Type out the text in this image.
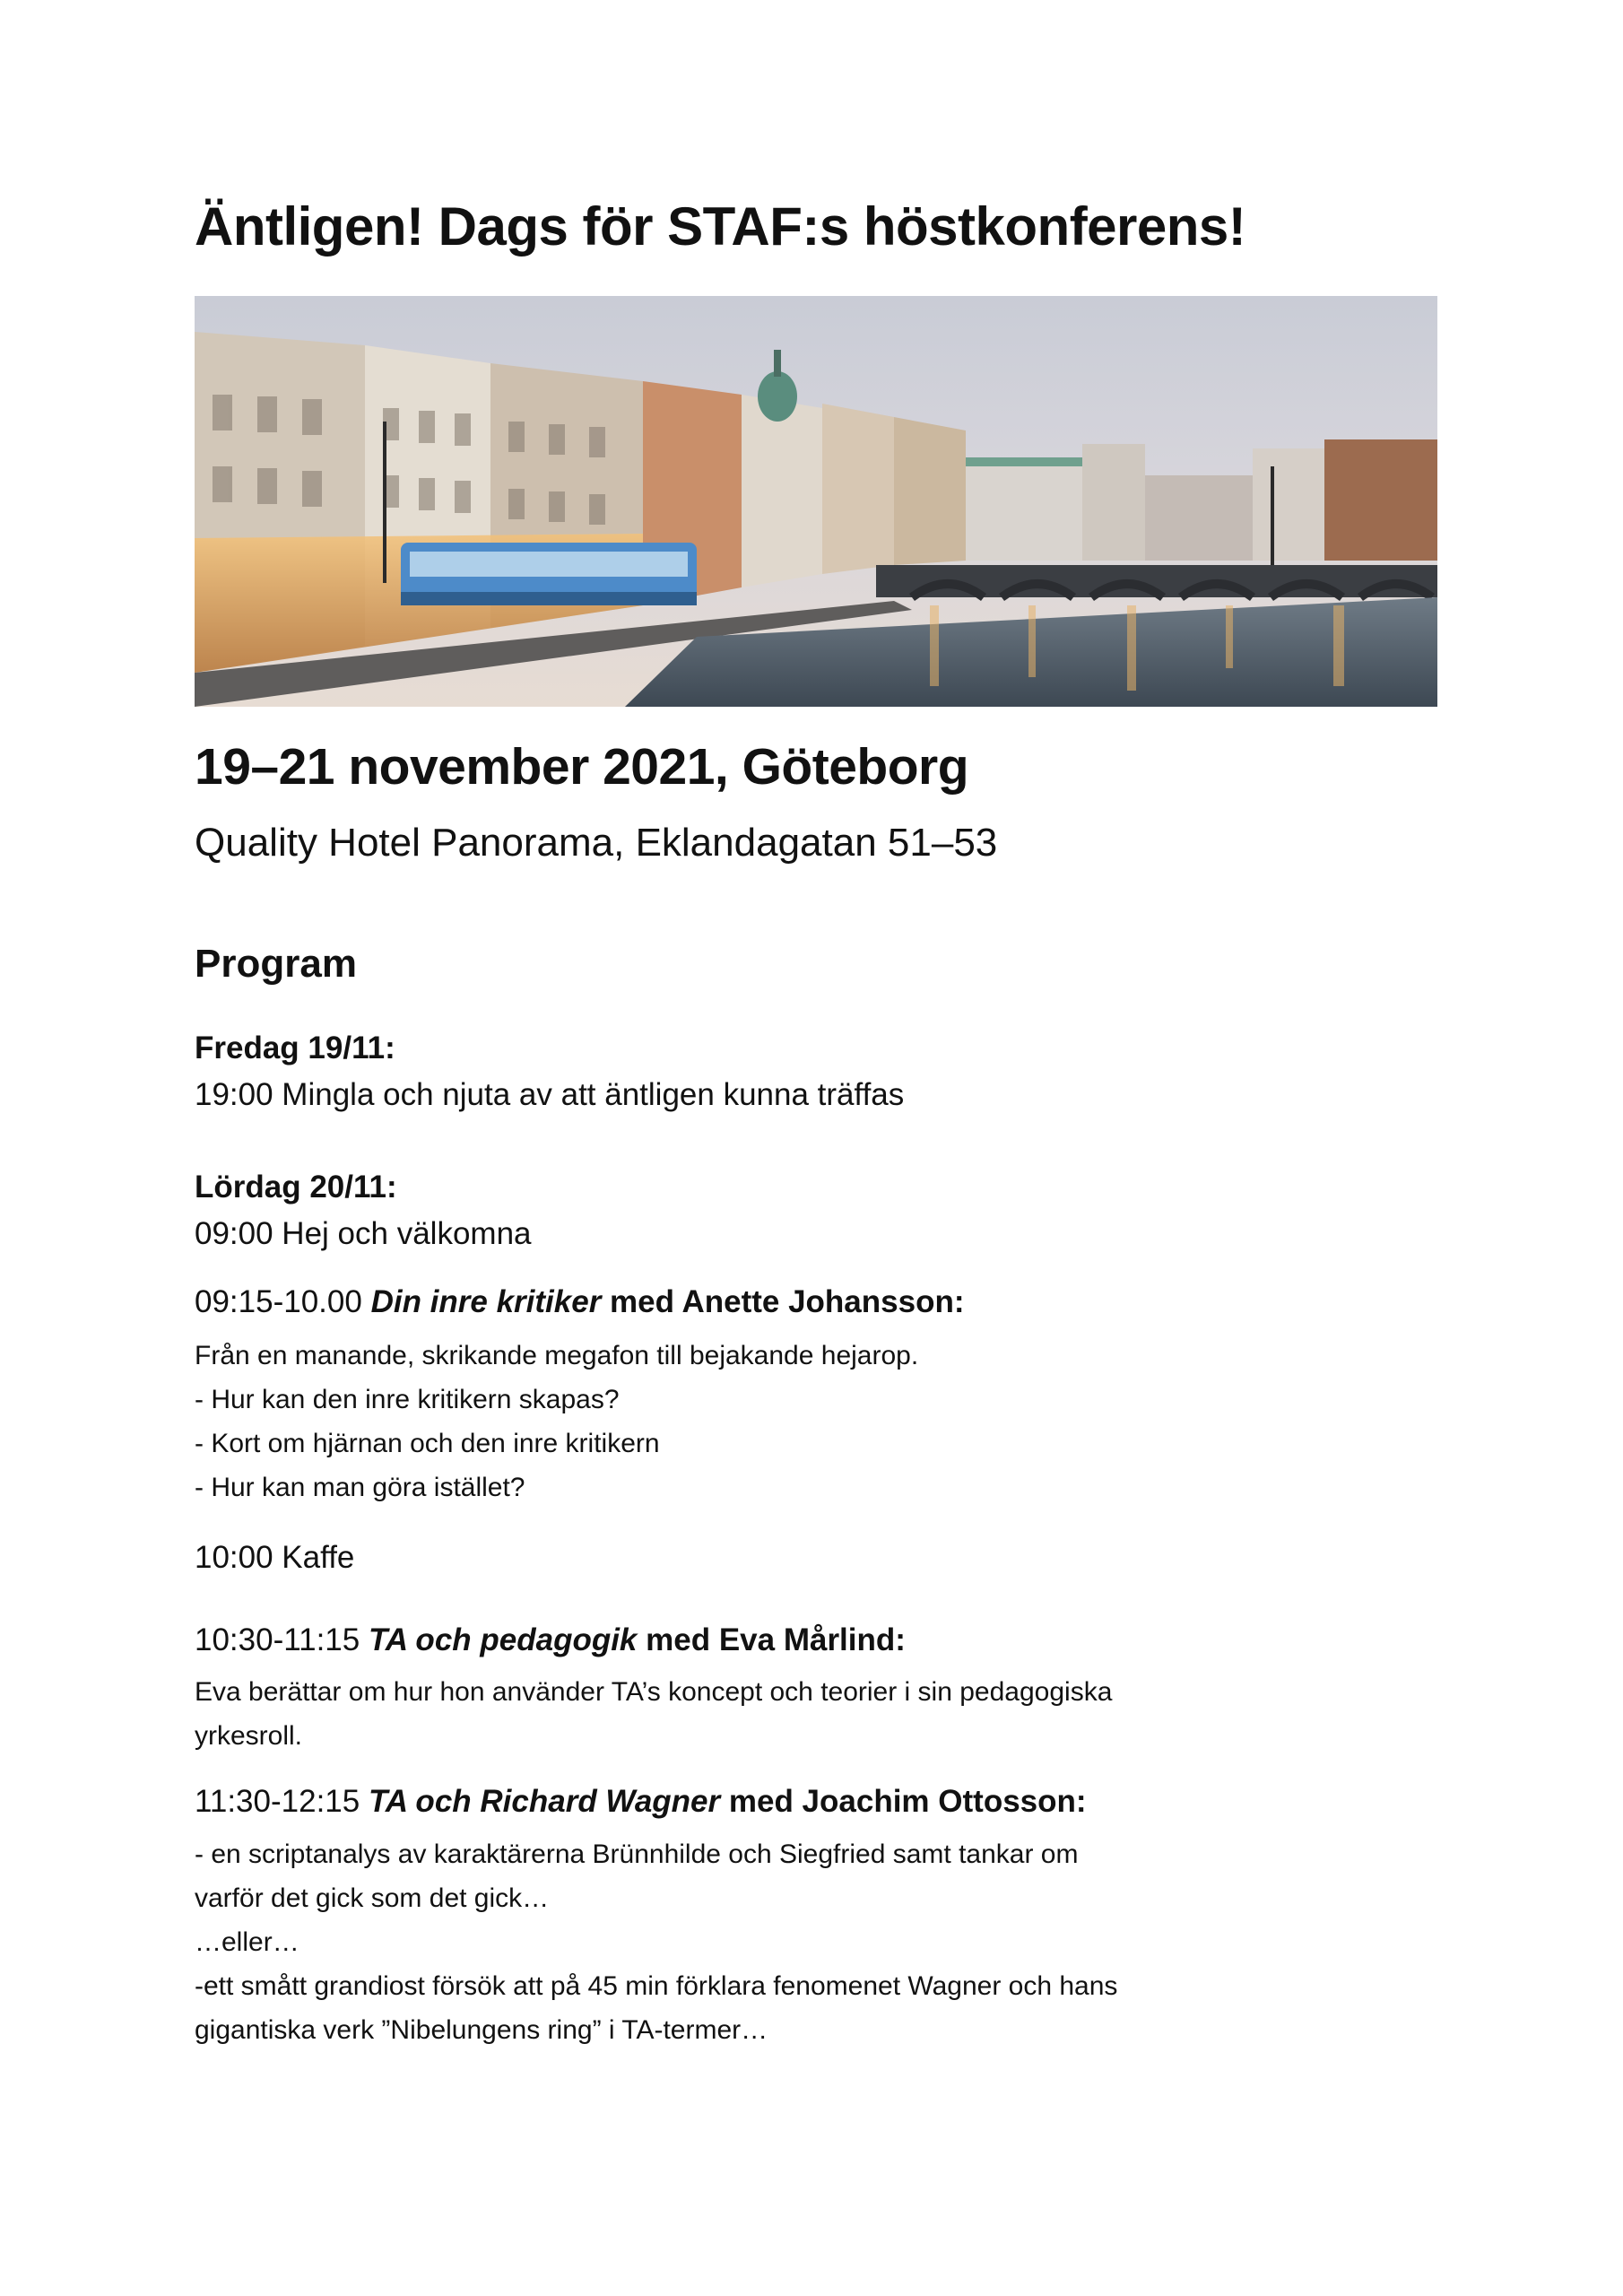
Äntligen! Dags för STAF:s höstkonferens!
19–21 november 2021, Göteborg
Quality Hotel Panorama, Eklandagatan 51–53
Program
Fredag 19/11:
19:00 Mingla och njuta av att äntligen kunna träffas
Lördag 20/11:
09:00 Hej och välkomna
09:15-10.00 Din inre kritiker med Anette Johansson:
Från en manande, skrikande megafon till bejakande hejarop.
- Hur kan den inre kritikern skapas?
- Kort om hjärnan och den inre kritikern
- Hur kan man göra istället?
10:00 Kaffe
10:30-11:15 TA och pedagogik med Eva Mårlind:
Eva berättar om hur hon använder TA’s koncept och teorier i sin pedagogiska
yrkesroll.
11:30-12:15 TA och Richard Wagner med Joachim Ottosson:
- en scriptanalys av karaktärerna Brünnhilde och Siegfried samt tankar om
varför det gick som det gick…
…eller…
-ett smått grandiost försök att på 45 min förklara fenomenet Wagner och hans
gigantiska verk ”Nibelungens ring” i TA-termer…
